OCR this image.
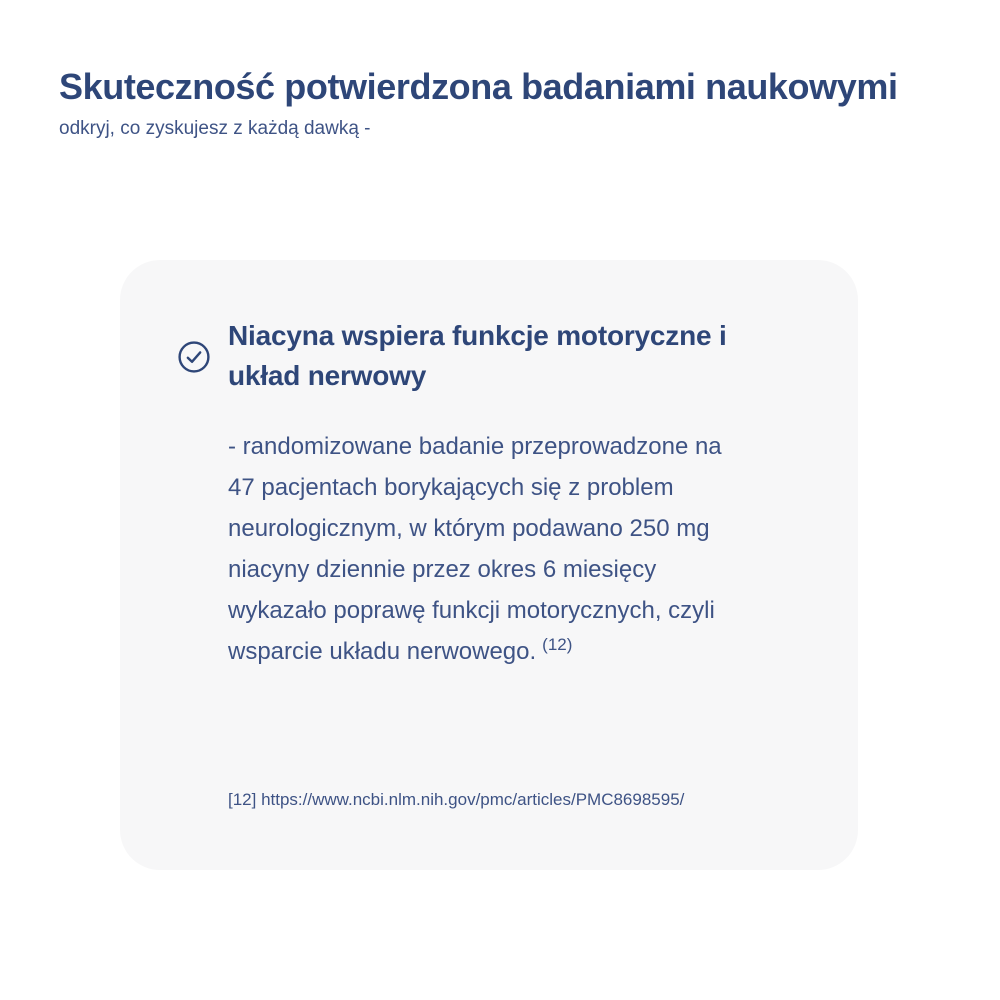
Skuteczność potwierdzona badaniami naukowymi

odkryj, co zyskujesz z każdą dawką -

Niacyna wspiera funkcje motoryczne i
układ nerwowy

- randomizowane badanie przeprowadzone na
47 pacjentach borykających się z problem
neurologicznym, w którym podawano 250 mg
niacyny dziennie przez okres 6 miesięcy
wykazało poprawę funkcji motorycznych, czyli
wsparcie układu nerwowego. $^{(12)}$

[12] https://www.ncbi.nlm.nih.gov/pmc/articles/PMC8698595/
